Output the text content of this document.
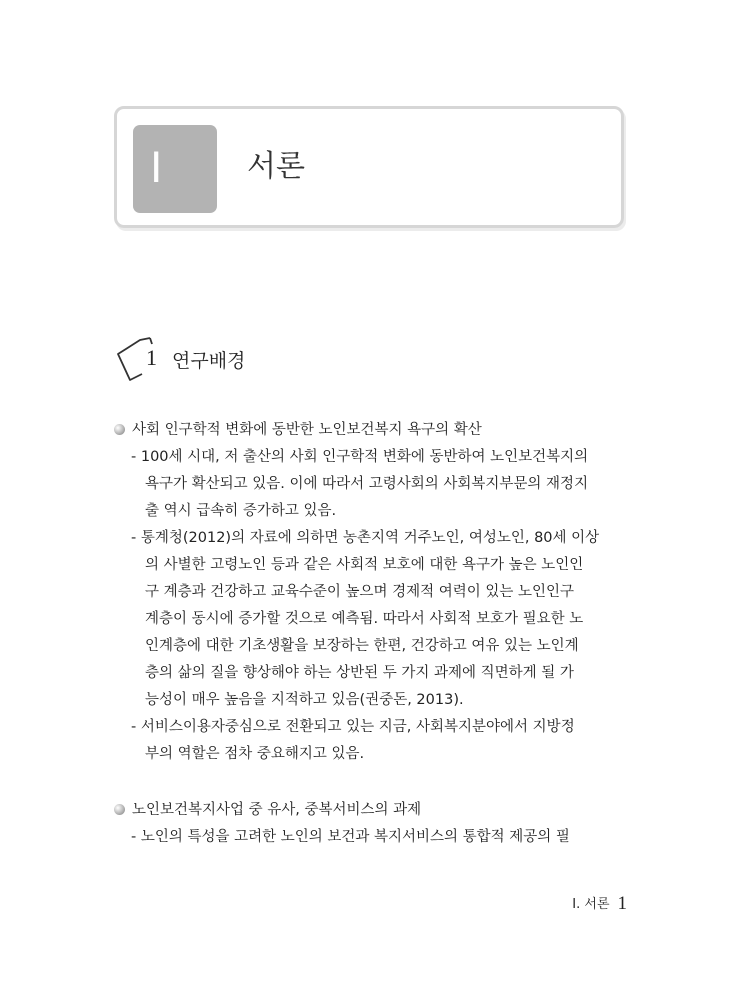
Ⅰ	서론
1 연구배경
사회 인구학적 변화에 동반한 노인보건복지 욕구의 확산
- 100세 시대, 저 출산의 사회 인구학적 변화에 동반하여 노인보건복지의
욕구가 확산되고 있음. 이에 따라서 고령사회의 사회복지부문의 재정지
출 역시 급속히 증가하고 있음.
- 통계청(2012)의 자료에 의하면 농촌지역 거주노인, 여성노인, 80세 이상
의 사별한 고령노인 등과 같은 사회적 보호에 대한 욕구가 높은 노인인
구 계층과 건강하고 교육수준이 높으며 경제적 여력이 있는 노인인구
계층이 동시에 증가할 것으로 예측됨. 따라서 사회적 보호가 필요한 노
인계층에 대한 기초생활을 보장하는 한편, 건강하고 여유 있는 노인계
층의 삶의 질을 향상해야 하는 상반된 두 가지 과제에 직면하게 될 가
능성이 매우 높음을 지적하고 있음(권중돈, 2013).
- 서비스이용자중심으로 전환되고 있는 지금, 사회복지분야에서 지방정
부의 역할은 점차 중요해지고 있음.
노인보건복지사업 중 유사, 중복서비스의 과제
- 노인의 특성을 고려한 노인의 보건과 복지서비스의 통합적 제공의 필
Ⅰ. 서론 1
